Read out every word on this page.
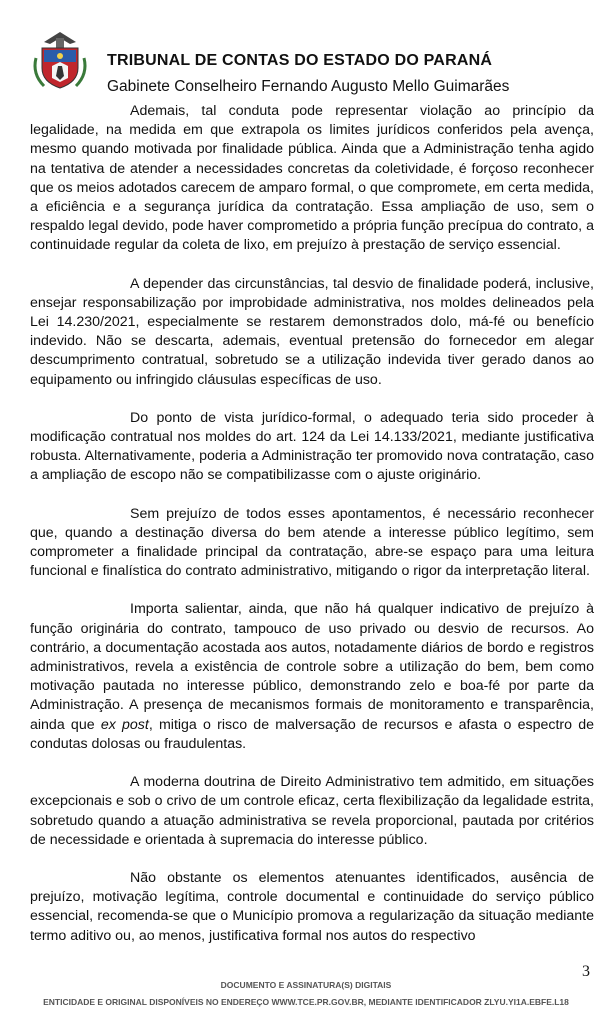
TRIBUNAL DE CONTAS DO ESTADO DO PARANÁ
Gabinete Conselheiro Fernando Augusto Mello Guimarães

Ademais, tal conduta pode representar violação ao princípio da legalidade, na medida em que extrapola os limites jurídicos conferidos pela avença, mesmo quando motivada por finalidade pública. Ainda que a Administração tenha agido na tentativa de atender a necessidades concretas da coletividade, é forçoso reconhecer que os meios adotados carecem de amparo formal, o que compromete, em certa medida, a eficiência e a segurança jurídica da contratação. Essa ampliação de uso, sem o respaldo legal devido, pode haver comprometido a própria função precípua do contrato, a continuidade regular da coleta de lixo, em prejuízo à prestação de serviço essencial.

A depender das circunstâncias, tal desvio de finalidade poderá, inclusive, ensejar responsabilização por improbidade administrativa, nos moldes delineados pela Lei 14.230/2021, especialmente se restarem demonstrados dolo, má-fé ou benefício indevido. Não se descarta, ademais, eventual pretensão do fornecedor em alegar descumprimento contratual, sobretudo se a utilização indevida tiver gerado danos ao equipamento ou infringido cláusulas específicas de uso.

Do ponto de vista jurídico-formal, o adequado teria sido proceder à modificação contratual nos moldes do art. 124 da Lei 14.133/2021, mediante justificativa robusta. Alternativamente, poderia a Administração ter promovido nova contratação, caso a ampliação de escopo não se compatibilizasse com o ajuste originário.

Sem prejuízo de todos esses apontamentos, é necessário reconhecer que, quando a destinação diversa do bem atende a interesse público legítimo, sem comprometer a finalidade principal da contratação, abre-se espaço para uma leitura funcional e finalística do contrato administrativo, mitigando o rigor da interpretação literal.

Importa salientar, ainda, que não há qualquer indicativo de prejuízo à função originária do contrato, tampouco de uso privado ou desvio de recursos. Ao contrário, a documentação acostada aos autos, notadamente diários de bordo e registros administrativos, revela a existência de controle sobre a utilização do bem, bem como motivação pautada no interesse público, demonstrando zelo e boa-fé por parte da Administração. A presença de mecanismos formais de monitoramento e transparência, ainda que ex post, mitiga o risco de malversação de recursos e afasta o espectro de condutas dolosas ou fraudulentas.

A moderna doutrina de Direito Administrativo tem admitido, em situações excepcionais e sob o crivo de um controle eficaz, certa flexibilização da legalidade estrita, sobretudo quando a atuação administrativa se revela proporcional, pautada por critérios de necessidade e orientada à supremacia do interesse público.

Não obstante os elementos atenuantes identificados, ausência de prejuízo, motivação legítima, controle documental e continuidade do serviço público essencial, recomenda-se que o Município promova a regularização da situação mediante termo aditivo ou, ao menos, justificativa formal nos autos do respectivo

3
DOCUMENTO E ASSINATURA(S) DIGITAIS
ENTICIDADE E ORIGINAL DISPONÍVEIS NO ENDEREÇO WWW.TCE.PR.GOV.BR, MEDIANTE IDENTIFICADOR ZLYU.YI1A.EBFE.L18
